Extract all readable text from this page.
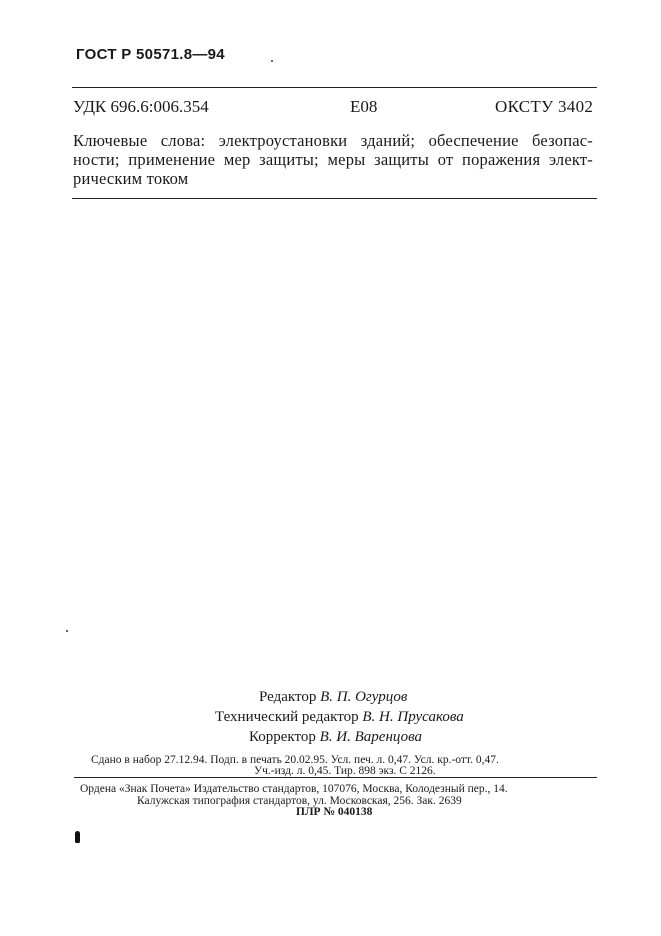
ГОСТ Р 50571.8—94
УДК 696.6:006.354	Е08	ОКСТУ 3402
Ключевые слова: электроустановки зданий; обеспечение безопас-
ности; применение мер защиты; меры защиты от поражения элект-
рическим током
Редактор В. П. Огурцов
Технический редактор В. Н. Прусакова
Корректор В. И. Варенцова
Сдано в набор 27.12.94. Подп. в печать 20.02.95. Усл. печ. л. 0,47. Усл. кр.-отт. 0,47.
Уч.-изд. л. 0,45. Тир. 898 экз. С 2126.
Ордена «Знак Почета» Издательство стандартов, 107076, Москва, Колодезный пер., 14.
Калужская типография стандартов, ул. Московская, 256. Зак. 2639
ПЛР № 040138
